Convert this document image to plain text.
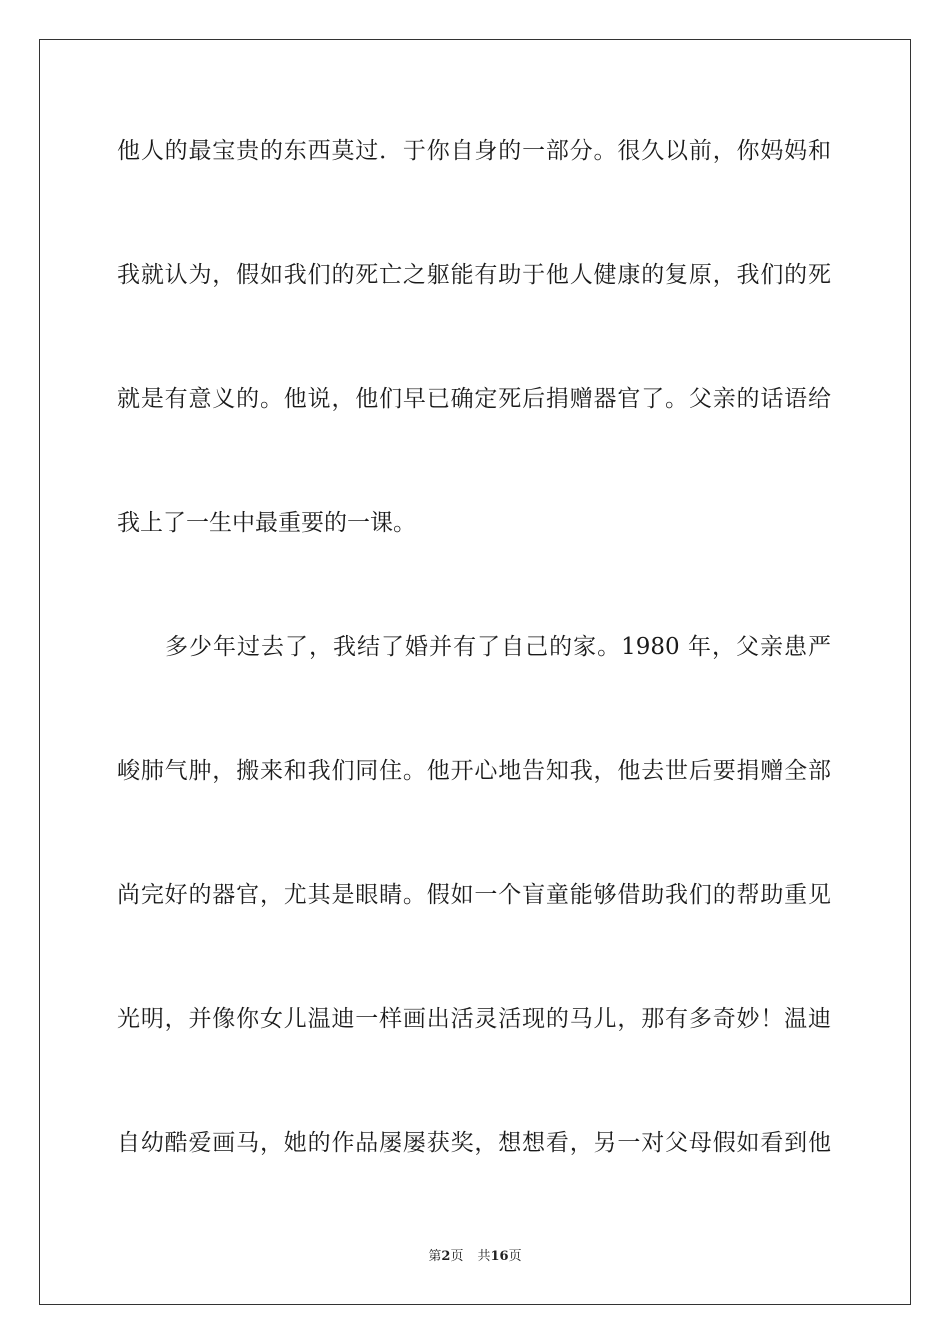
他人的最宝贵的东西莫过．于你自身的一部分。很久以前，你妈妈和
我就认为，假如我们的死亡之躯能有助于他人健康的复原，我们的死
就是有意义的。他说，他们早已确定死后捐赠器官了。父亲的话语给
我上了一生中最重要的一课。
多少年过去了，我结了婚并有了自己的家。1980 年，父亲患严
峻肺气肿，搬来和我们同住。他开心地告知我，他去世后要捐赠全部
尚完好的器官，尤其是眼睛。假如一个盲童能够借助我们的帮助重见
光明，并像你女儿温迪一样画出活灵活现的马儿，那有多奇妙！温迪
自幼酷爱画马，她的作品屡屡获奖，想想看，另一对父母假如看到他
第2页 共16页
